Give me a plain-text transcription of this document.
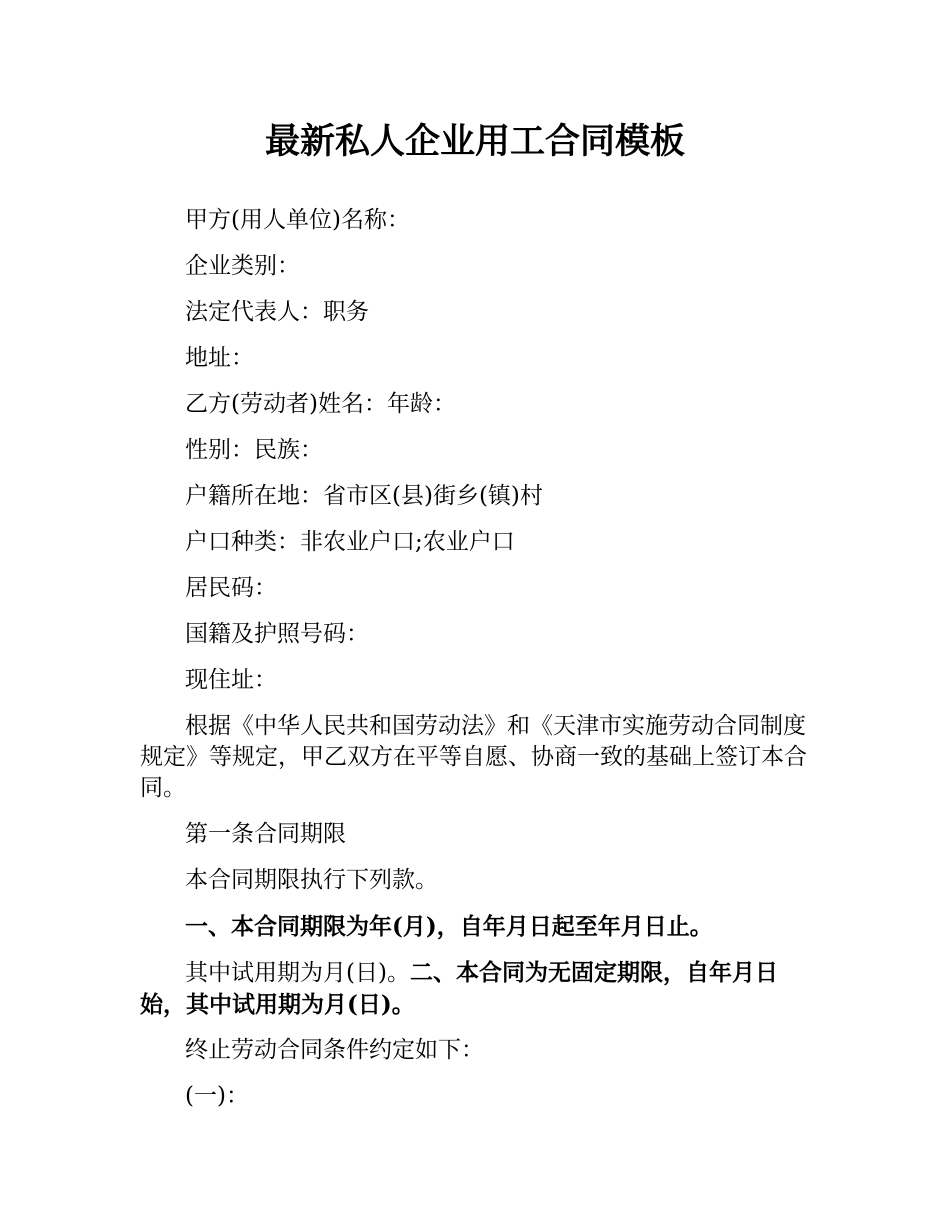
最新私人企业用工合同模板
甲方(用人单位)名称：
企业类别：
法定代表人：职务
地址：
乙方(劳动者)姓名：年龄：
性别：民族：
户籍所在地：省市区(县)街乡(镇)村
户口种类：非农业户口;农业户口
居民码：
国籍及护照号码：
现住址：
根据《中华人民共和国劳动法》和《天津市实施劳动合同制度规定》等规定，甲乙双方在平等自愿、协商一致的基础上签订本合同。
第一条合同期限
本合同期限执行下列款。
一、本合同期限为年(月)，自年月日起至年月日止。
其中试用期为月(日)。二、本合同为无固定期限，自年月日始，其中试用期为月(日)。
终止劳动合同条件约定如下：
(一)：
